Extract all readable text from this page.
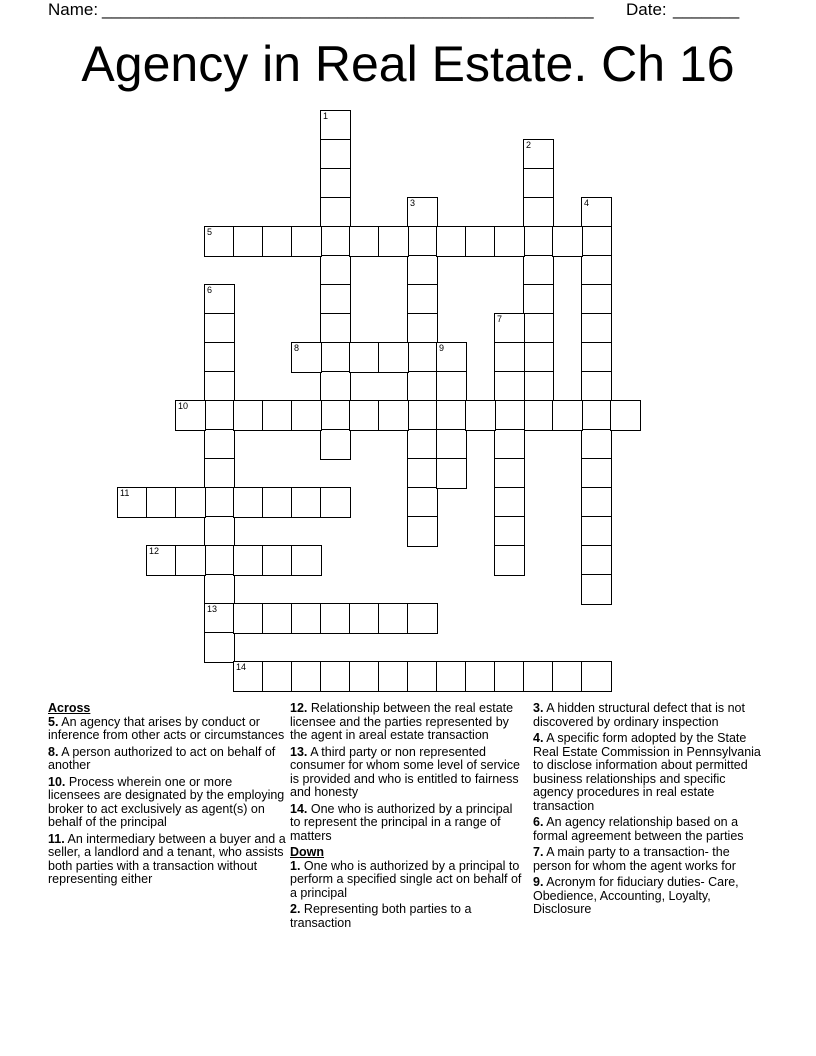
Name: ____________________________________________________ Date: _______
Agency in Real Estate. Ch 16
1
2
3	4
5
6
13
7
8	9
10
11
12
14

Across

5. An agency that arises by conduct or inference from other acts or circumstances

8. A person authorized to act on behalf of another

10. Process wherein one or more licensees are designated by the employing broker to act exclusively as agent(s) on behalf of the principal

11. An intermediary between a buyer and a seller, a landlord and a tenant, who assists both parties with a transaction without representing either

12. Relationship between the real estate licensee and the parties represented by the agent in areal estate transaction

13. A third party or non represented consumer for whom some level of service is provided and who is entitled to fairness and honesty

14. One who is authorized by a principal to represent the principal in a range of matters

Down

1. One who is authorized by a principal to perform a specified single act on behalf of a principal

2. Representing both parties to a transaction

3. A hidden structural defect that is not discovered by ordinary inspection

4. A specific form adopted by the State Real Estate Commission in Pennsylvania to disclose information about permitted business relationships and specific agency procedures in real estate transaction

6. An agency relationship based on a formal agreement between the parties

7. A main party to a transaction- the person for whom the agent works for

9. Acronym for fiduciary duties- Care, Obedience, Accounting, Loyalty, Disclosure
